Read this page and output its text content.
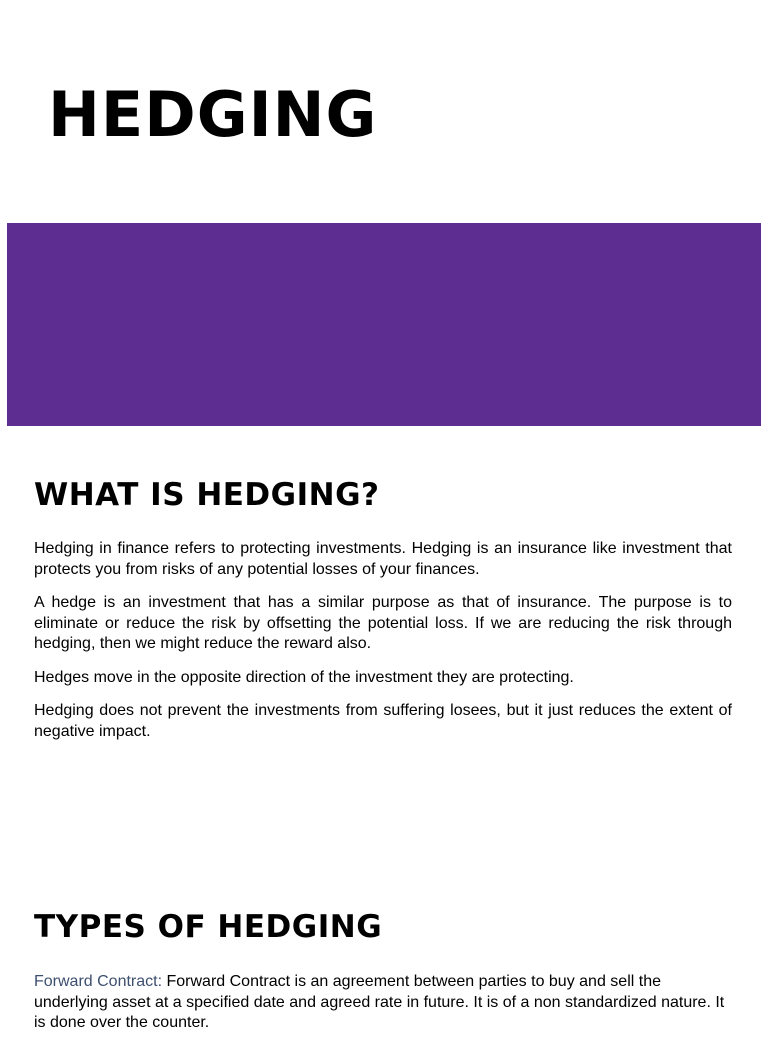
HEDGING
WHAT IS HEDGING?

Hedging in finance refers to protecting investments. Hedging is an insurance like investment that protects you from risks of any potential losses of your finances.

A hedge is an investment that has a similar purpose as that of insurance. The purpose is to eliminate or reduce the risk by offsetting the potential loss. If we are reducing the risk through hedging, then we might reduce the reward also.

Hedges move in the opposite direction of the investment they are protecting.

Hedging does not prevent the investments from suffering losees, but it just reduces the extent of negative impact.

TYPES OF HEDGING

Forward Contract: Forward Contract is an agreement between parties to buy and sell the underlying asset at a specified date and agreed rate in future. It is of a non standardized nature. It is done over the counter.
